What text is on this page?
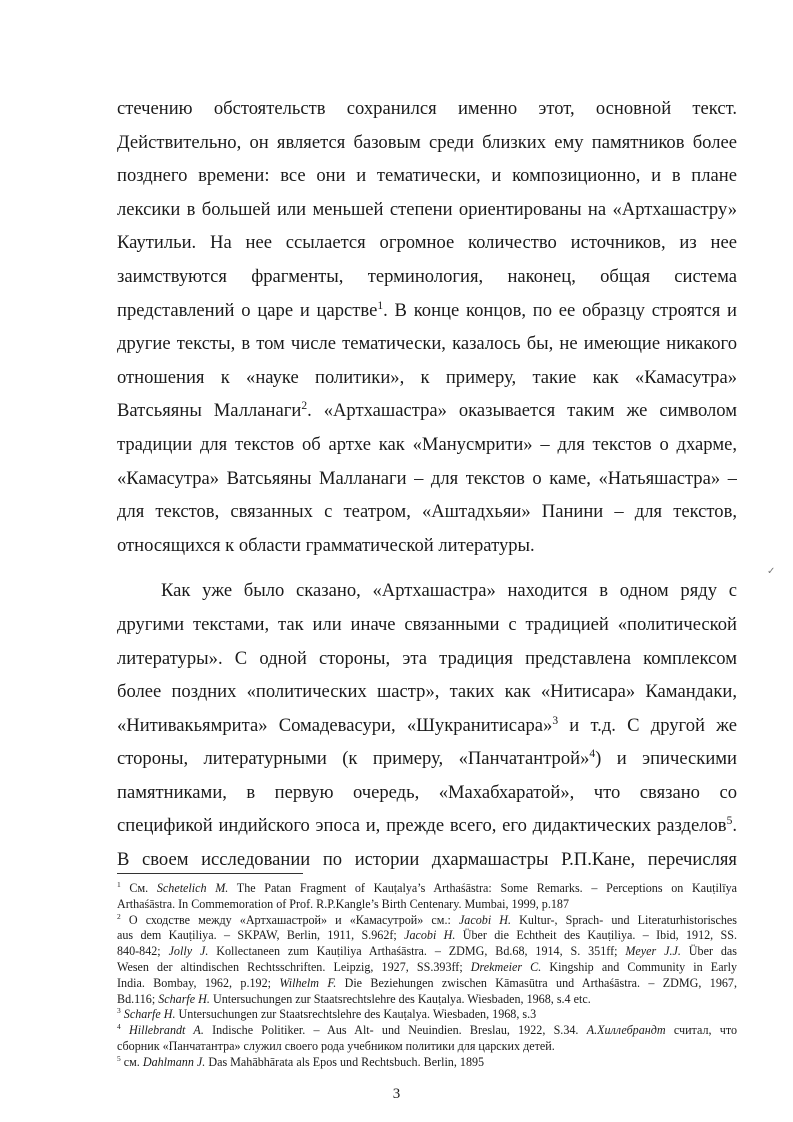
стечению обстоятельств сохранился именно этот, основной текст.
Действительно, он является базовым среди близких ему памятников более
позднего времени: все они и тематически, и композиционно, и в плане
лексики в большей или меньшей степени ориентированы на «Артхашастру»
Каутильи. На нее ссылается огромное количество источников, из нее
заимствуются фрагменты, терминология, наконец, общая система
представлений о царе и царстве$^1$. В конце концов, по ее образцу строятся и
другие тексты, в том числе тематически, казалось бы, не имеющие никакого
отношения к «науке политики», к примеру, такие как «Камасутра»
Ватсьяяны Малланаги$^2$. «Артхашастра» оказывается таким же символом
традиции для текстов об артхе как «Манусмрити» – для текстов о дхарме,
«Камасутра» Ватсьяяны Малланаги – для текстов о каме, «Натьяшастра» –
для текстов, связанных с театром, «Аштадхьяи» Панини – для текстов,
относящихся к области грамматической литературы.
Как уже было сказано, «Артхашастра» находится в одном ряду с
другими текстами, так или иначе связанными с традицией «политической
литературы». С одной стороны, эта традиция представлена комплексом
более поздних «политических шастр», таких как «Нитисара» Камандаки,
«Нитивакьямрита» Сомадевасури, «Шукранитисара»$^3$ и т.д. С другой же
стороны, литературными (к примеру, «Панчатантрой»$^4$) и эпическими
памятниками, в первую очередь, «Махабхаратой», что связано со
спецификой индийского эпоса и, прежде всего, его дидактических разделов$^5$.
В своем исследовании по истории дхармашастры Р.П.Кане, перечисляя
✓
$^1$ См. Schetelich M. The Patan Fragment of Kauṭalya’s Arthaśāstra: Some Remarks. – Perceptions on Kauṭilīya
Arthaśāstra. In Commemoration of Prof. R.P.Kangle’s Birth Centenary. Mumbai, 1999, p.187
$^2$ О сходстве между «Артхашастрой» и «Камасутрой» см.: Jacobi H. Kultur-, Sprach- und Literaturhistorisches
aus dem Kauṭiliya. – SKPAW, Berlin, 1911, S.962f; Jacobi H. Über die Echtheit des Kauṭiliya. – Ibid, 1912, SS.
840-842; Jolly J. Kollectaneen zum Kauṭiliya Arthaśāstra. – ZDMG, Bd.68, 1914, S. 351ff; Meyer J.J. Über das
Wesen der altindischen Rechtsschriften. Leipzig, 1927, SS.393ff; Drekmeier C. Kingship and Community in Early
India. Bombay, 1962, p.192; Wilhelm F. Die Beziehungen zwischen Kāmasūtra und Arthaśāstra. – ZDMG, 1967,
Bd.116; Scharfe H. Untersuchungen zur Staatsrechtslehre des Kauṭalya. Wiesbaden, 1968, s.4 etc.
$^3$ Scharfe H. Untersuchungen zur Staatsrechtslehre des Kauṭalya. Wiesbaden, 1968, s.3
$^4$ Hillebrandt A. Indische Politiker. – Aus Alt- und Neuindien. Breslau, 1922, S.34. А.Хиллебрандт считал, что
сборник «Панчатантра» служил своего рода учебником политики для царских детей.
$^5$ см. Dahlmann J. Das Mahābhārata als Epos und Rechtsbuch. Berlin, 1895
3
